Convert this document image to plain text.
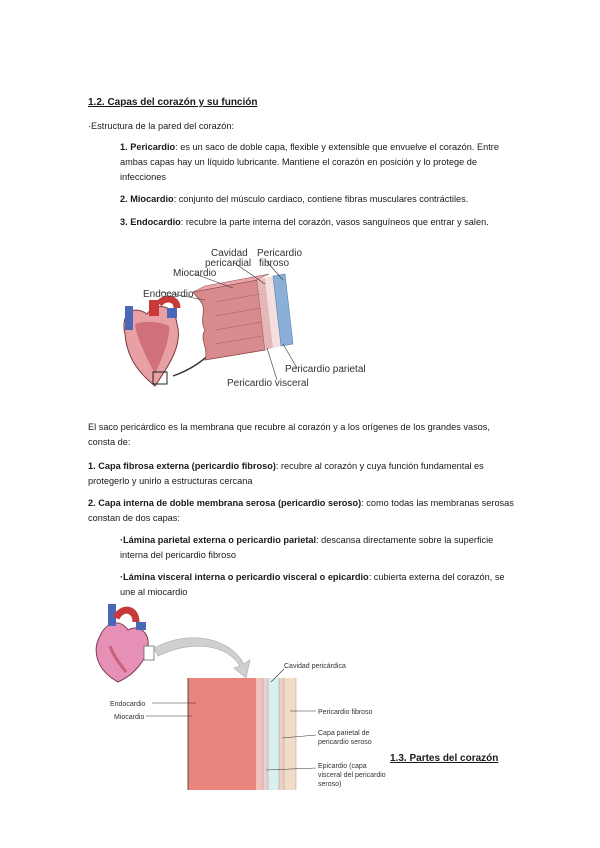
1.2. Capas del corazón y su función
·Estructura de la pared del corazón:
1. Pericardio: es un saco de doble capa, flexible y extensible que envuelve el corazón. Entre ambas capas hay un líquido lubricante. Mantiene el corazón en posición y lo protege de infecciones
2. Miocardio: conjunto del músculo cardiaco, contiene fibras musculares contráctiles.
3. Endocardio: recubre la parte interna del corazón, vasos sanguíneos que entrar y salen.
Cavidad
pericardial
Pericardio
fibroso
Miocardio
Endocardio
Pericardio parietal
Pericardio visceral
El saco pericárdico es la membrana que recubre al corazón y a los orígenes de los grandes vasos, consta de:
1. Capa fibrosa externa (pericardio fibroso): recubre al corazón y cuya función fundamental es protegerlo y unirlo a estructuras cercana
2. Capa interna de doble membrana serosa (pericardio seroso): como todas las membranas serosas constan de dos capas:
·Lámina parietal externa o pericardio parietal: descansa directamente sobre la superficie interna del pericardio fibroso
·Lámina visceral interna o pericardio visceral o epicardio: cubierta externa del corazón, se une al miocardio
Cavidad pericárdica
Endocardio
Miocardio
Pericardio fibroso
Capa parietal de
pericardio seroso
Epicardio (capa
visceral del pericardio
seroso)
1.3. Partes del corazón
